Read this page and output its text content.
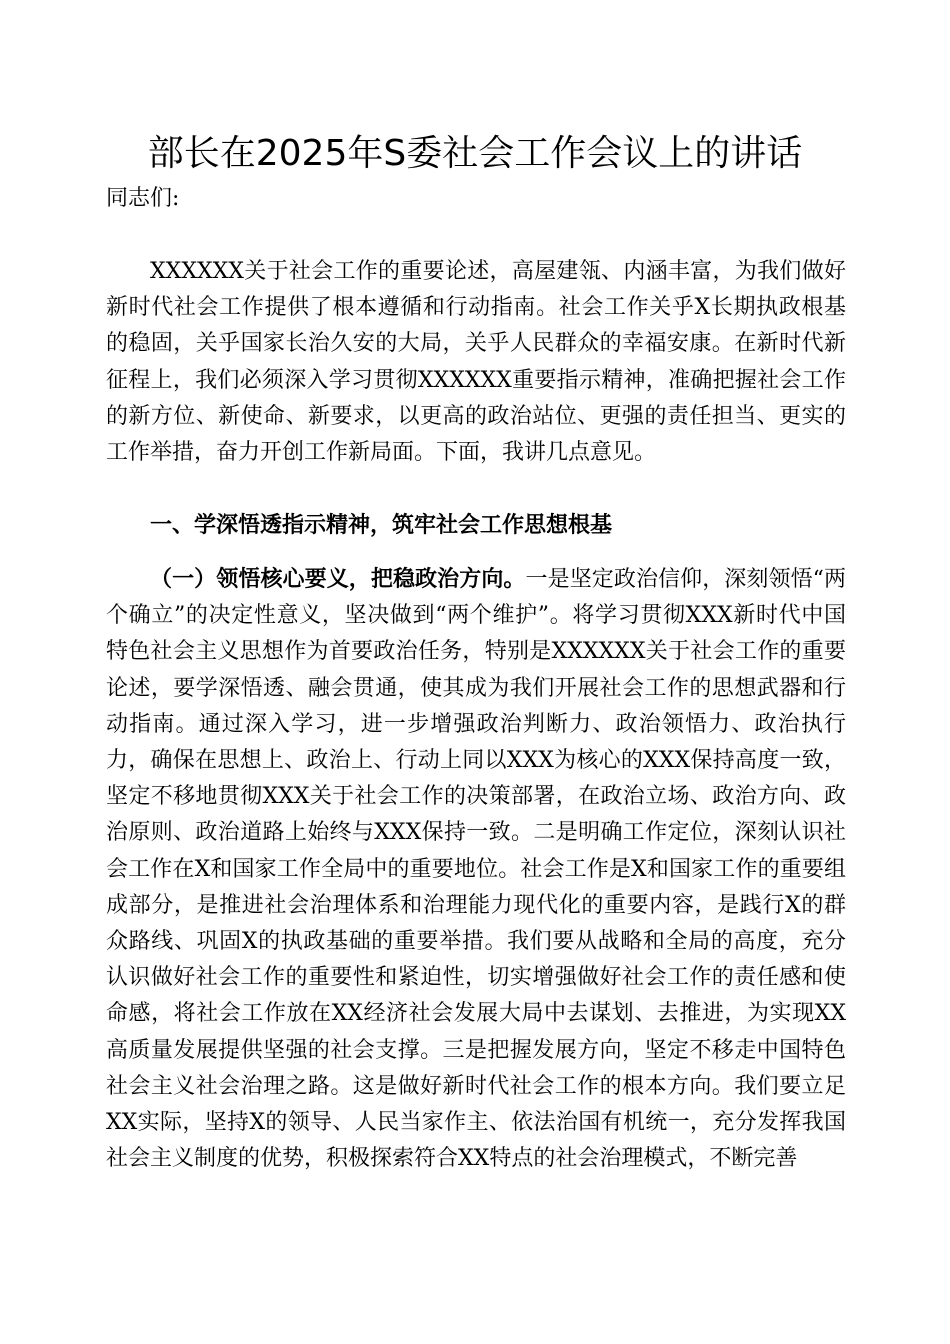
部长在2025年S委社会工作会议上的讲话

同志们:

XXXXXX关于社会工作的重要论述，高屋建瓴、内涵丰富，为我们做好新时代社会工作提供了根本遵循和行动指南。社会工作关乎X长期执政根基的稳固，关乎国家长治久安的大局，关乎人民群众的幸福安康。在新时代新征程上，我们必须深入学习贯彻XXXXXX重要指示精神，准确把握社会工作的新方位、新使命、新要求，以更高的政治站位、更强的责任担当、更实的工作举措，奋力开创工作新局面。下面，我讲几点意见。

一、学深悟透指示精神，筑牢社会工作思想根基

（一）领悟核心要义，把稳政治方向。一是坚定政治信仰，深刻领悟“两个确立”的决定性意义，坚决做到“两个维护”。将学习贯彻XXX新时代中国特色社会主义思想作为首要政治任务，特别是XXXXXX关于社会工作的重要论述，要学深悟透、融会贯通，使其成为我们开展社会工作的思想武器和行动指南。通过深入学习，进一步增强政治判断力、政治领悟力、政治执行力，确保在思想上、政治上、行动上同以XXX为核心的XXX保持高度一致，坚定不移地贯彻XXX关于社会工作的决策部署，在政治立场、政治方向、政治原则、政治道路上始终与XXX保持一致。二是明确工作定位，深刻认识社会工作在X和国家工作全局中的重要地位。社会工作是X和国家工作的重要组成部分，是推进社会治理体系和治理能力现代化的重要内容，是践行X的群众路线、巩固X的执政基础的重要举措。我们要从战略和全局的高度，充分认识做好社会工作的重要性和紧迫性，切实增强做好社会工作的责任感和使命感，将社会工作放在XX经济社会发展大局中去谋划、去推进，为实现XX高质量发展提供坚强的社会支撑。三是把握发展方向，坚定不移走中国特色社会主义社会治理之路。这是做好新时代社会工作的根本方向。我们要立足XX实际，坚持X的领导、人民当家作主、依法治国有机统一，充分发挥我国社会主义制度的优势，积极探索符合XX特点的社会治理模式，不断完善
